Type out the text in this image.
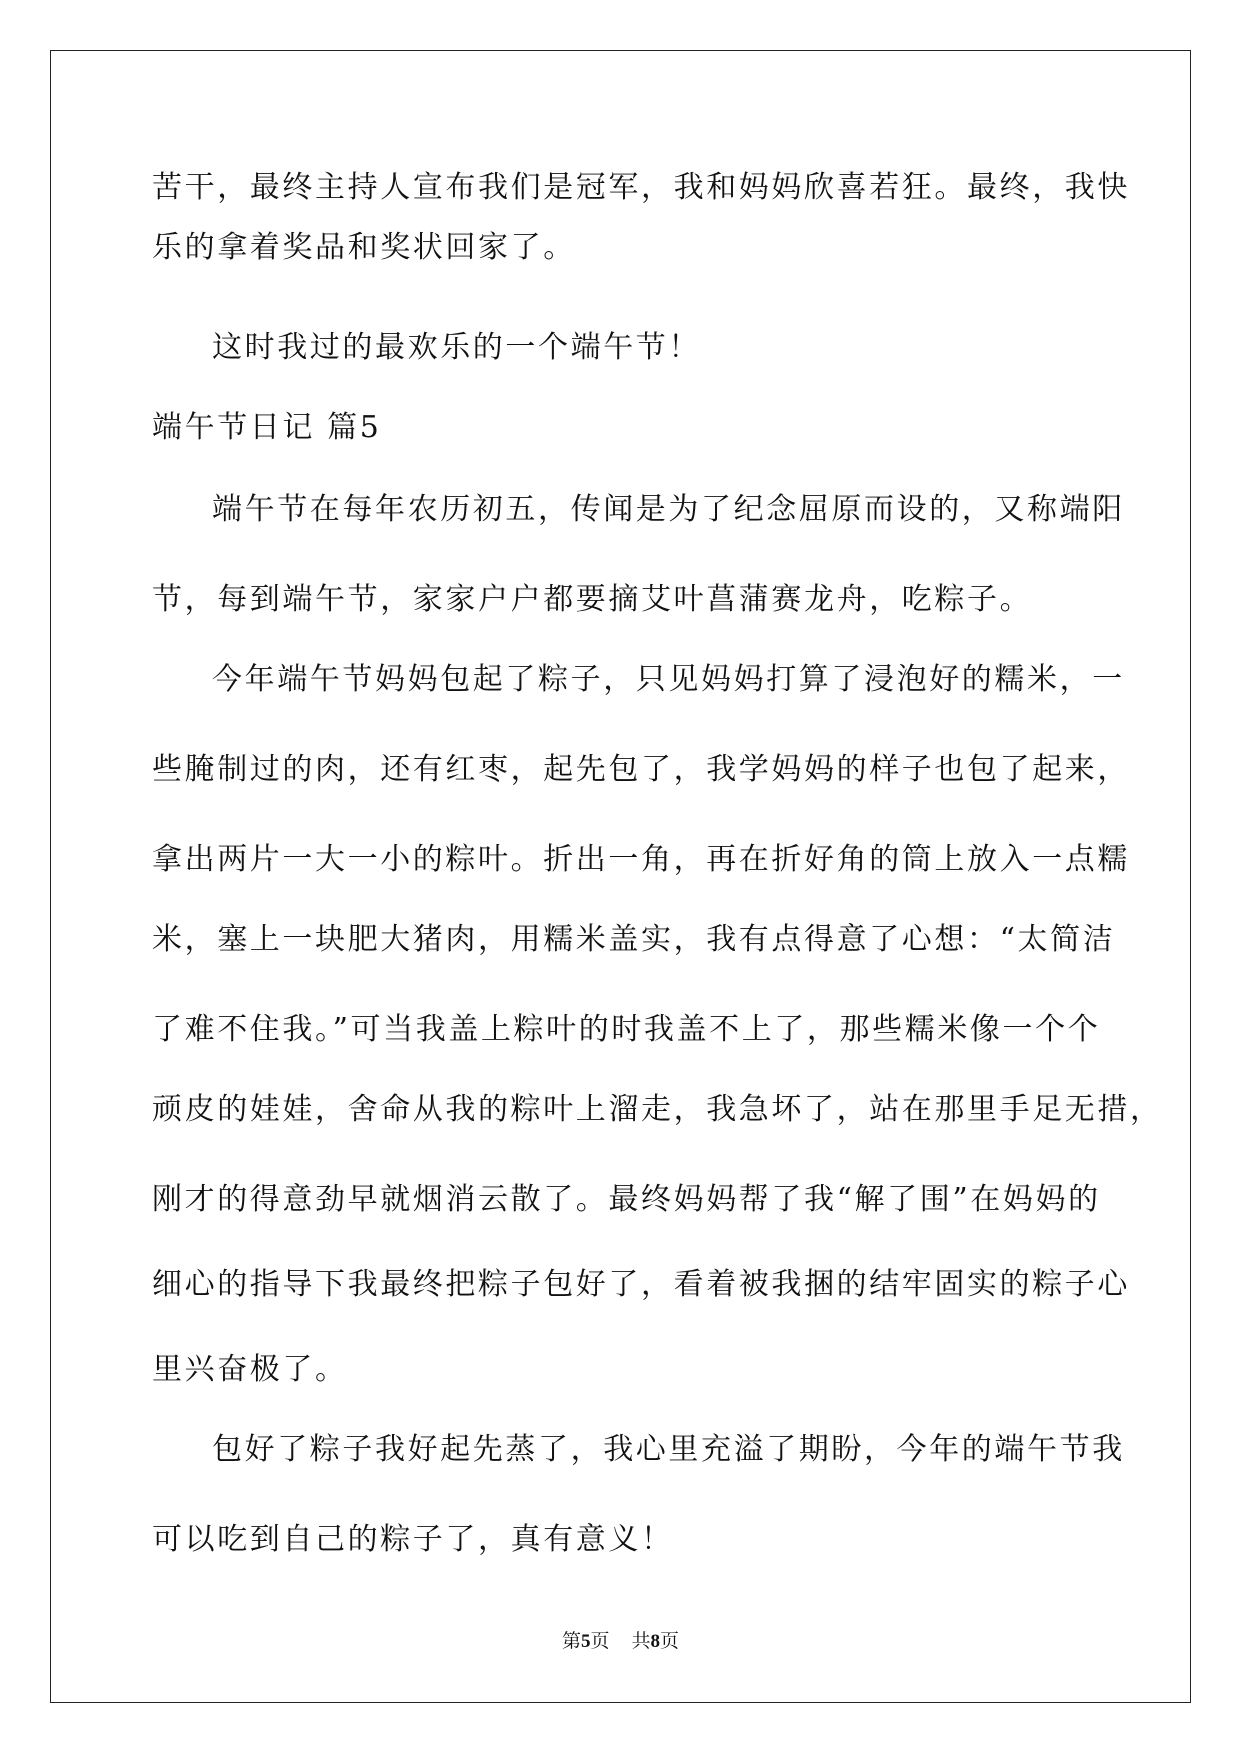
苦干，最终主持人宣布我们是冠军，我和妈妈欣喜若狂。最终，我快
乐的拿着奖品和奖状回家了。
这时我过的最欢乐的一个端午节！
端午节日记 篇5
端午节在每年农历初五，传闻是为了纪念屈原而设的，又称端阳
节，每到端午节，家家户户都要摘艾叶菖蒲赛龙舟，吃粽子。
今年端午节妈妈包起了粽子，只见妈妈打算了浸泡好的糯米，一
些腌制过的肉，还有红枣，起先包了，我学妈妈的样子也包了起来，
拿出两片一大一小的粽叶。折出一角，再在折好角的筒上放入一点糯
米，塞上一块肥大猪肉，用糯米盖实，我有点得意了心想：“太简洁
了难不住我。”可当我盖上粽叶的时我盖不上了，那些糯米像一个个
顽皮的娃娃，舍命从我的粽叶上溜走，我急坏了，站在那里手足无措，
刚才的得意劲早就烟消云散了。最终妈妈帮了我“解了围”在妈妈的
细心的指导下我最终把粽子包好了，看着被我捆的结牢固实的粽子心
里兴奋极了。
包好了粽子我好起先蒸了，我心里充溢了期盼，今年的端午节我
可以吃到自己的粽子了，真有意义！
第5页 共8页
